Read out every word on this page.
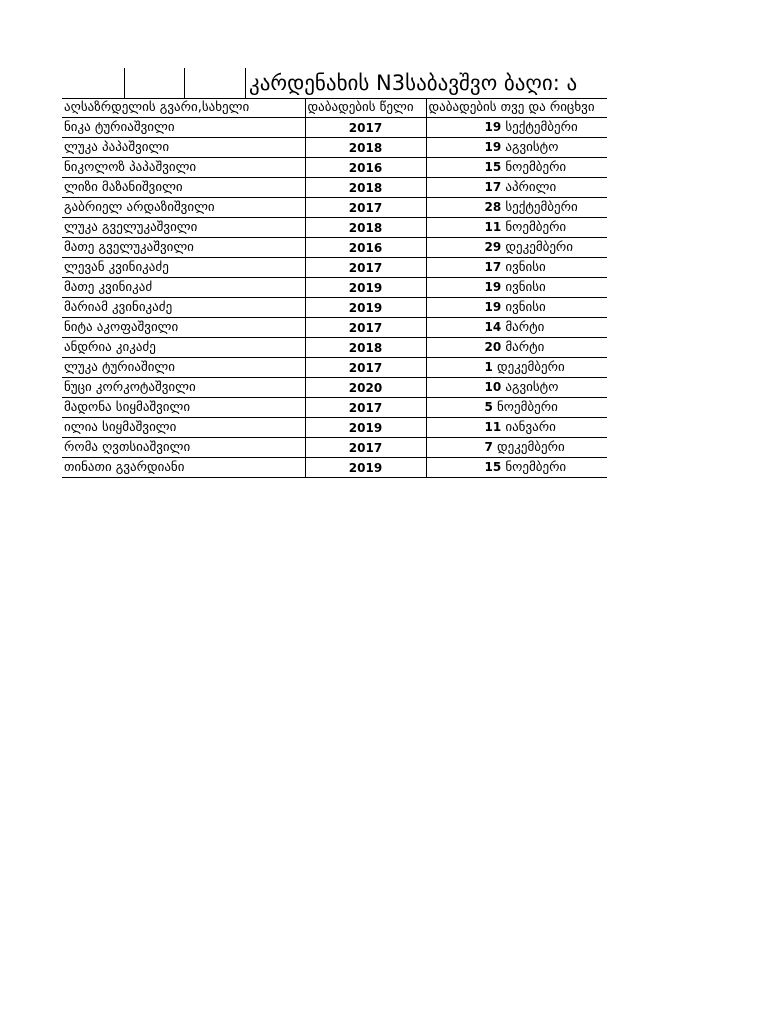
კარდენახის N3საბავშვო ბაღი: ა
აღსაზრდელის გვარი,სახელი	დაბადების წელი	დაბადების თვე და რიცხვი
ნიკა ტურიაშვილი	2017	19 სექტემბერი
ლუკა პაპაშვილი	2018	19 აგვისტო
ნიკოლოზ პაპაშვილი	2016	15 ნოემბერი
ლიზი მაზანიშვილი	2018	17 აპრილი
გაბრიელ არდაზიშვილი	2017	28 სექტემბერი
ლუკა გველუკაშვილი	2018	11 ნოემბერი
მათე გველუკაშვილი	2016	29 დეკემბერი
ლევან კვინიკაძე	2017	17 ივნისი
მათე კვინიკაძ	2019	19 ივნისი
მარიამ კვინიკაძე	2019	19 ივნისი
ნიტა აკოფაშვილი	2017	14 მარტი
ანდრია კიკაძე	2018	20 მარტი
ლუკა ტურიაშილი	2017	1 დეკემბერი
ნუცი კორკოტაშვილი	2020	10 აგვისტო
მადონა სიყმაშვილი	2017	5 ნოემბერი
ილია სიყმაშვილი	2019	11 იანვარი
რომა ღვთსიაშვილი	2017	7 დეკემბერი
თინათი გვარდიანი	2019	15 ნოემბერი
